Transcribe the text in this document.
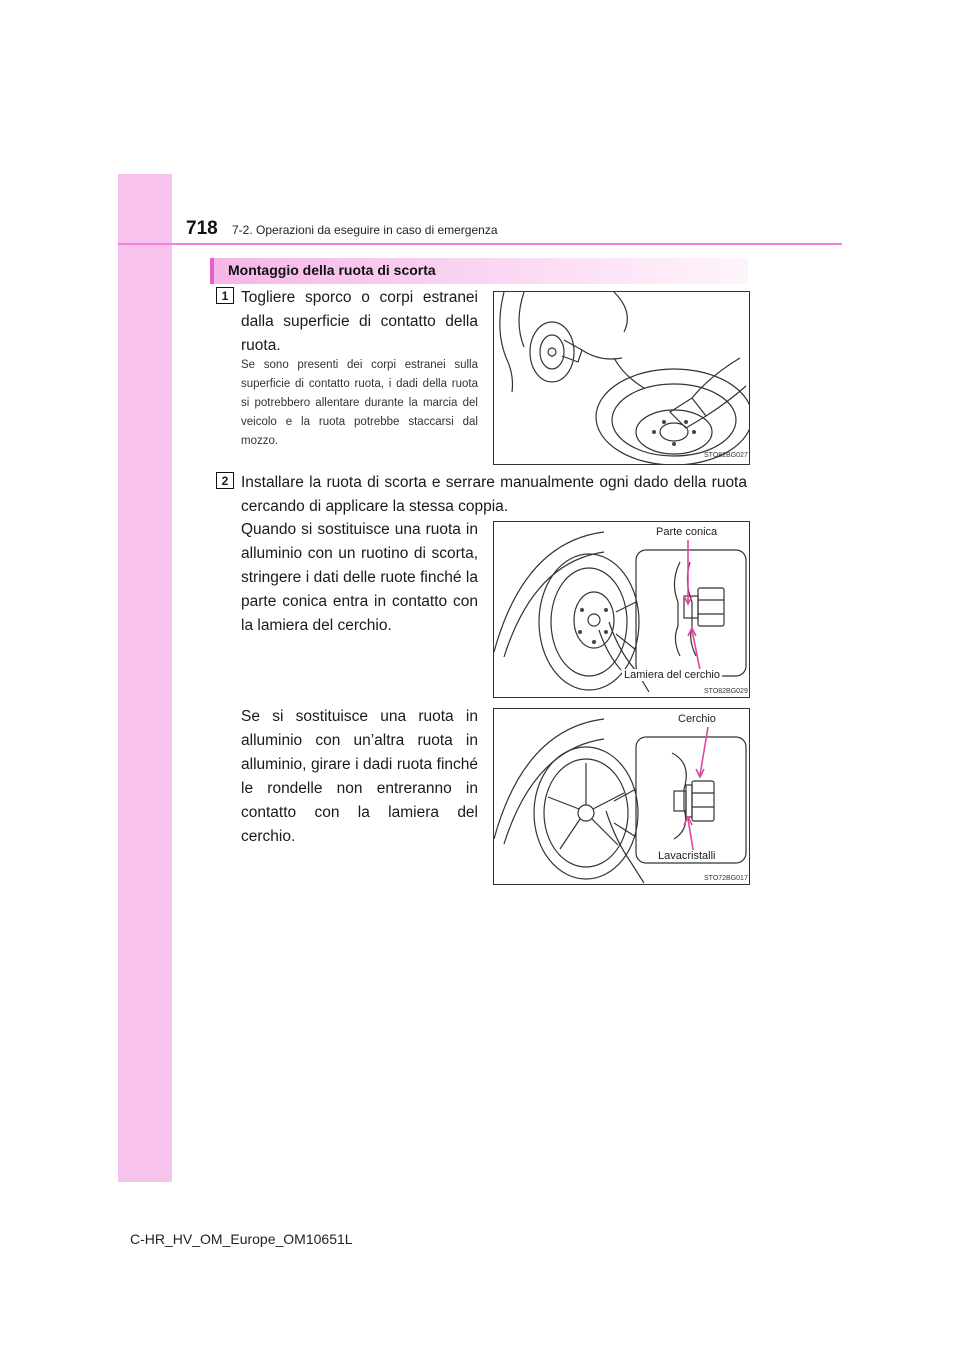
718 7-2. Operazioni da eseguire in caso di emergenza
Montaggio della ruota di scorta
1 Togliere sporco o corpi estranei dalla superficie di contatto della ruota.
Se sono presenti dei corpi estranei sulla superficie di contatto ruota, i dadi della ruota si potrebbero allentare durante la marcia del veicolo e la ruota potrebbe staccarsi dal mozzo.
STO82BG027
2 Installare la ruota di scorta e serrare manualmente ogni dado della ruota cercando di applicare la stessa coppia.
Quando si sostituisce una ruota in alluminio con un ruotino di scorta, stringere i dati delle ruote finché la parte conica entra in contatto con la lamiera del cerchio.
Parte conica
Lamiera del cerchio
STO82BG029
Se si sostituisce una ruota in alluminio con un’altra ruota in alluminio, girare i dadi ruota finché le rondelle non entreranno in contatto con la lamiera del cerchio.
Cerchio
Lavacristalli
STO72BG017
C-HR_HV_OM_Europe_OM10651L
